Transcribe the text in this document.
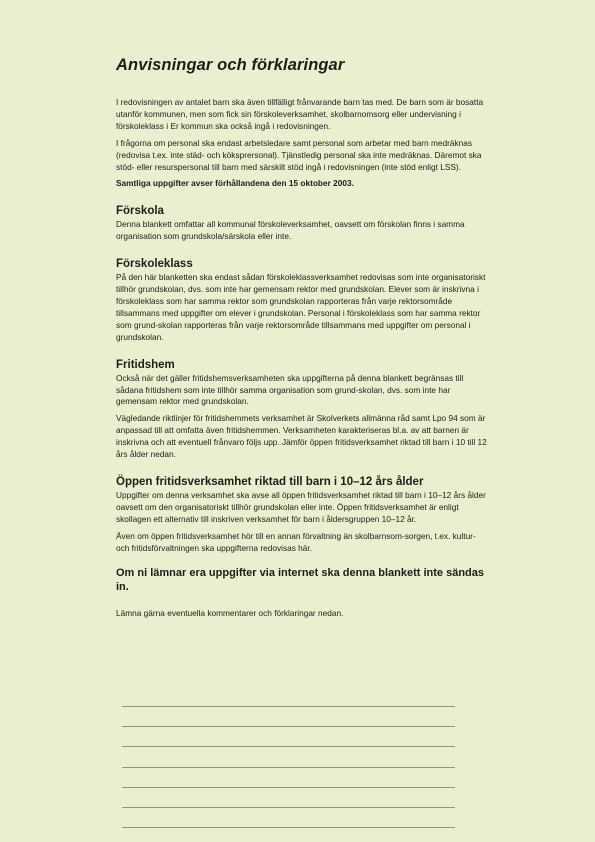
Anvisningar och förklaringar

I redovisningen av antalet barn ska även tillfälligt frånvarande barn tas med. De barn som är bosatta utanför kommunen, men som fick sin förskoleverksamhet, skolbarnomsorg eller undervisning i förskoleklass i Er kommun ska också ingå i redovisningen.

I frågorna om personal ska endast arbetsledare samt personal som arbetar med barn medräknas (redovisa t.ex. inte städ- och köksprersonal). Tjänstledig personal ska inte medräknas. Däremot ska stöd- eller resurspersonal till barn med särskilt stöd ingå i redovisningen (inte stöd enligt LSS).

Samtliga uppgifter avser förhållandena den 15 oktober 2003.

Förskola

Denna blankett omfattar all kommunal förskoleverksamhet, oavsett om förskolan finns i samma organisation som grundskola/särskola eller inte.

Förskoleklass

På den här blanketten ska endast sådan förskoleklassverksamhet redovisas som inte organisatoriskt tillhör grundskolan, dvs. som inte har gemensam rektor med grundskolan. Elever som är inskrivna i förskoleklass som har samma rektor som grundskolan rapporteras från varje rektorsområde tillsammans med uppgifter om elever i grundskolan. Personal i förskoleklass som har samma rektor som grund-skolan rapporteras från varje rektorsområde tillsammans med uppgifter om personal i grundskolan.

Fritidshem

Också när det gäller fritidshemsverksamheten ska uppgifterna på denna blankett begränsas till sådana fritidshem som inte tillhör samma organisation som grund-skolan, dvs. som inte har gemensam rektor med grundskolan.

Vägledande riktlinjer för fritidshemmets verksamhet är Skolverkets allmänna råd samt Lpo 94 som är anpassad till att omfatta även fritidshemmen. Verksamheten karakteriseras bl.a. av att barnen är inskrivna och att eventuell frånvaro följs upp. Jämför öppen fritidsverksamhet riktad till barn i 10 till 12 års ålder nedan.

Öppen fritidsverksamhet riktad till barn i 10–12 års ålder

Uppgifter om denna verksamhet ska avse all öppen fritidsverksamhet riktad till barn i 10–12 års ålder oavsett om den organisatoriskt tillhör grundskolan eller inte. Öppen fritidsverksamhet är enligt skollagen ett alternativ till inskriven verksamhet för barn i åldersgruppen 10–12 år.

Även om öppen fritidsverksamhet hör till en annan förvaltning än skolbarnsom-sorgen, t.ex. kultur- och fritidsförvaltningen ska uppgifterna redovisas här.

Om ni lämnar era uppgifter via internet ska denna blankett inte sändas in.

Lämna gärna eventuella kommentarer och förklaringar nedan.
